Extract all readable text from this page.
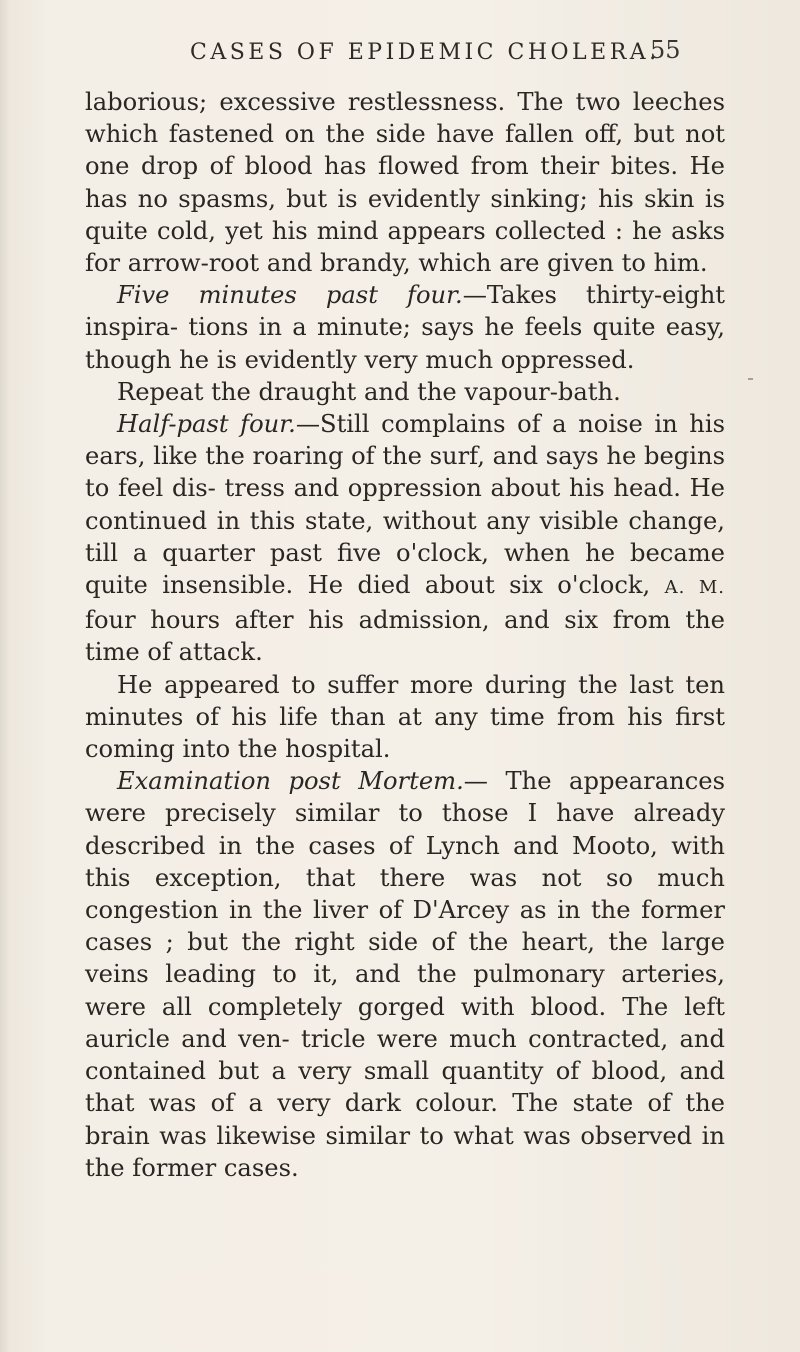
CASES OF EPIDEMIC CHOLERA.
55

laborious; excessive restlessness. The two leeches which fastened on the side have fallen off, but not one drop of blood has flowed from their bites. He has no spasms, but is evidently sinking; his skin is quite cold, yet his mind appears collected : he asks for arrow-root and brandy, which are given to him.

Five minutes past four.—Takes thirty-eight inspira- tions in a minute; says he feels quite easy, though he is evidently very much oppressed.

Repeat the draught and the vapour-bath.

Half-past four.—Still complains of a noise in his ears, like the roaring of the surf, and says he begins to feel dis- tress and oppression about his head. He continued in this state, without any visible change, till a quarter past five o'clock, when he became quite insensible. He died about six o'clock, A. M. four hours after his admission, and six from the time of attack.

He appeared to suffer more during the last ten minutes of his life than at any time from his first coming into the hospital.

Examination post Mortem.— The appearances were precisely similar to those I have already described in the cases of Lynch and Mooto, with this exception, that there was not so much congestion in the liver of D'Arcey as in the former cases ; but the right side of the heart, the large veins leading to it, and the pulmonary arteries, were all completely gorged with blood. The left auricle and ven- tricle were much contracted, and contained but a very small quantity of blood, and that was of a very dark colour. The state of the brain was likewise similar to what was observed in the former cases.
